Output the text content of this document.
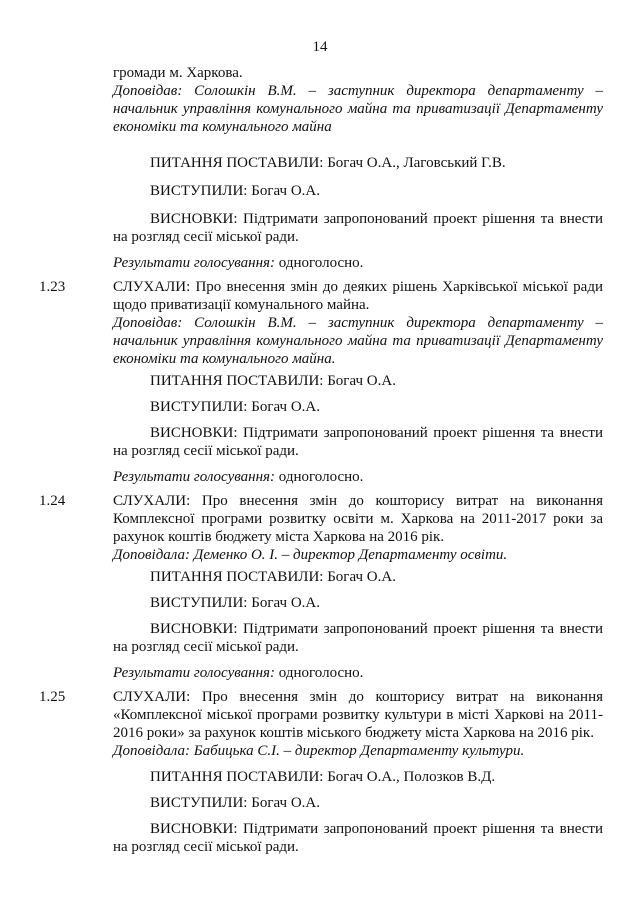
14

громади м. Харкова.

Доповідав: Солошкін В.М. – заступник директора департаменту – начальник управління комунального майна та приватизації Департаменту економіки та комунального майна

ПИТАННЯ ПОСТАВИЛИ: Богач О.А., Лаговський Г.В.

ВИСТУПИЛИ: Богач О.А.

ВИСНОВКИ: Підтримати запропонований проект рішення та внести на розгляд сесії міської ради.

Результати голосування: одноголосно.

1.23	СЛУХАЛИ: Про внесення змін до деяких рішень Харківської міської ради щодо приватизації комунального майна.

Доповідав: Солошкін В.М. – заступник директора департаменту – начальник управління комунального майна та приватизації Департаменту економіки та комунального майна.

ПИТАННЯ ПОСТАВИЛИ: Богач О.А.

ВИСТУПИЛИ: Богач О.А.

ВИСНОВКИ: Підтримати запропонований проект рішення та внести на розгляд сесії міської ради.

Результати голосування: одноголосно.

1.24	СЛУХАЛИ: Про внесення змін до кошторису витрат на виконання Комплексної програми розвитку освіти м. Харкова на 2011-2017 роки за рахунок коштів бюджету міста Харкова на 2016 рік.

Доповідала: Деменко О. І. – директор Департаменту освіти.

ПИТАННЯ ПОСТАВИЛИ: Богач О.А.

ВИСТУПИЛИ: Богач О.А.

ВИСНОВКИ: Підтримати запропонований проект рішення та внести на розгляд сесії міської ради.

Результати голосування: одноголосно.

1.25	СЛУХАЛИ: Про внесення змін до кошторису витрат на виконання «Комплексної міської програми розвитку культури в місті Харкові на 2011-2016 роки» за рахунок коштів міського бюджету міста Харкова на 2016 рік.

Доповідала: Бабицька С.І. – директор Департаменту культури.

ПИТАННЯ ПОСТАВИЛИ: Богач О.А., Полозков В.Д.

ВИСТУПИЛИ: Богач О.А.

ВИСНОВКИ: Підтримати запропонований проект рішення та внести на розгляд сесії міської ради.
